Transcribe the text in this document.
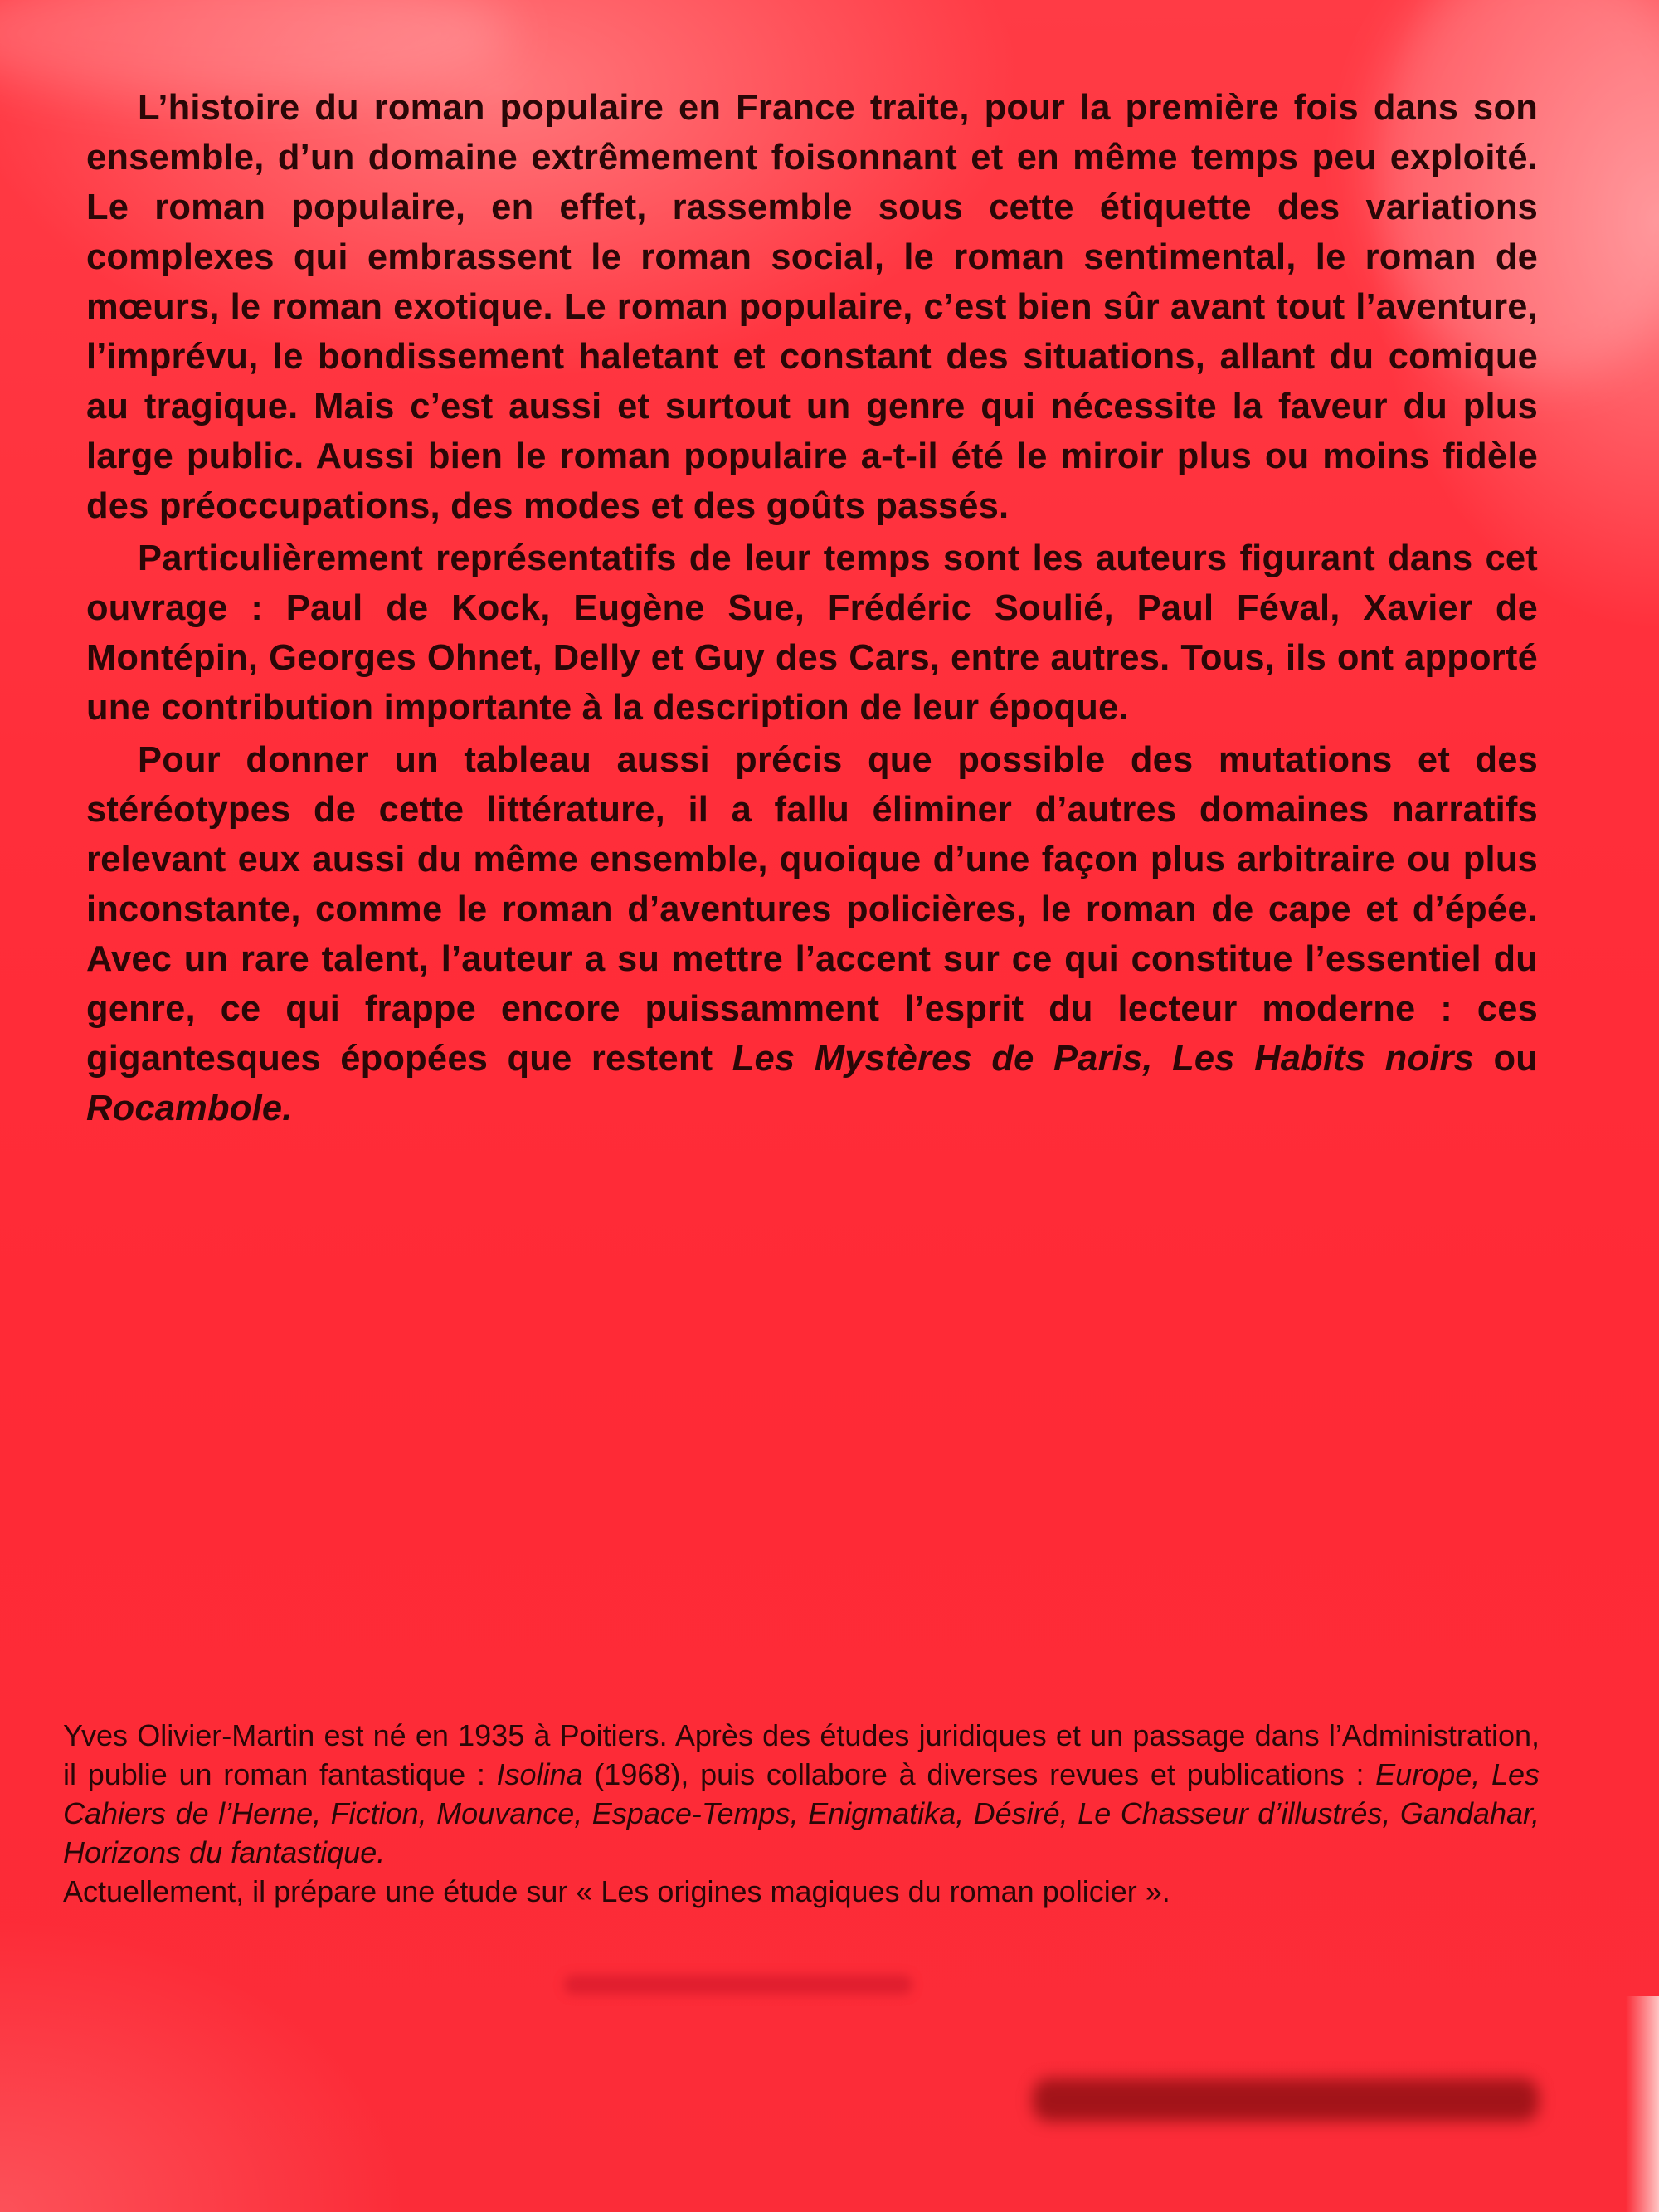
L’histoire du roman populaire en France traite, pour la première fois dans son ensemble, d’un domaine extrêmement foisonnant et en même temps peu exploité. Le roman populaire, en effet, rassemble sous cette étiquette des variations complexes qui embrassent le roman social, le roman sentimental, le roman de mœurs, le roman exotique. Le roman populaire, c’est bien sûr avant tout l’aventure, l’imprévu, le bondissement haletant et constant des situations, allant du comique au tragique. Mais c’est aussi et surtout un genre qui nécessite la faveur du plus large public. Aussi bien le roman populaire a-t-il été le miroir plus ou moins fidèle des préoccupations, des modes et des goûts passés.

Particulièrement représentatifs de leur temps sont les auteurs figurant dans cet ouvrage : Paul de Kock, Eugène Sue, Frédéric Soulié, Paul Féval, Xavier de Montépin, Georges Ohnet, Delly et Guy des Cars, entre autres. Tous, ils ont apporté une contribution importante à la description de leur époque.

Pour donner un tableau aussi précis que possible des mutations et des stéréotypes de cette littérature, il a fallu éliminer d’autres domaines narratifs relevant eux aussi du même ensemble, quoique d’une façon plus arbitraire ou plus inconstante, comme le roman d’aventures policières, le roman de cape et d’épée. Avec un rare talent, l’auteur a su mettre l’accent sur ce qui constitue l’essentiel du genre, ce qui frappe encore puissamment l’esprit du lecteur moderne : ces gigantesques épopées que restent Les Mystères de Paris, Les Habits noirs ou Rocambole.

Yves Olivier-Martin est né en 1935 à Poitiers. Après des études juridiques et un passage dans l’Administration, il publie un roman fantastique : Isolina (1968), puis collabore à diverses revues et publications : Europe, Les Cahiers de l’Herne, Fiction, Mouvance, Espace-Temps, Enigmatika, Désiré, Le Chasseur d’illustrés, Gandahar, Horizons du fantastique.

Actuellement, il prépare une étude sur « Les origines magiques du roman policier ».
